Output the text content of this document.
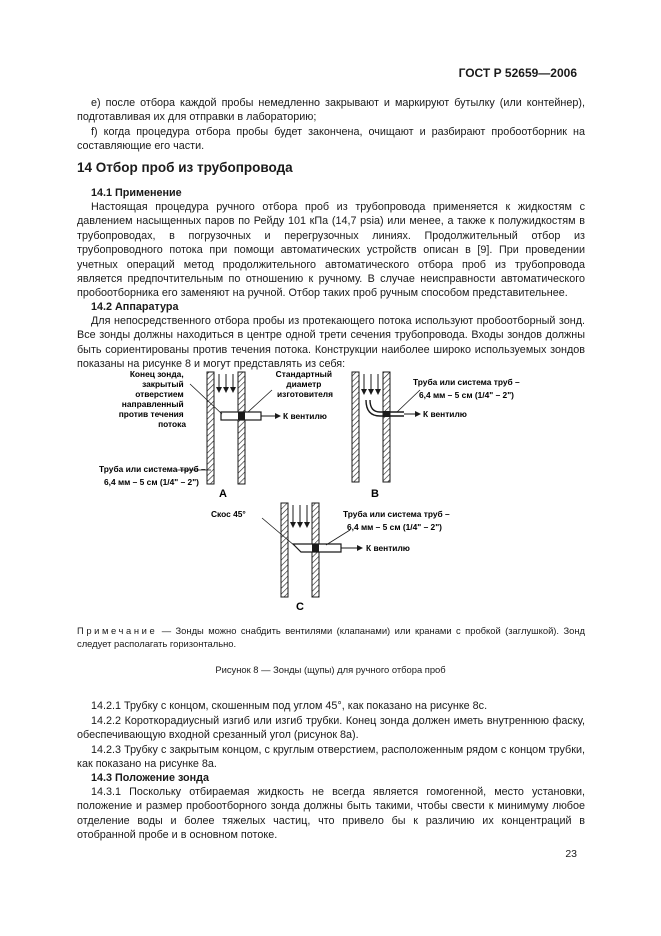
ГОСТ Р 52659—2006
е) после отбора каждой пробы немедленно закрывают и маркируют бутылку (или контейнер), подготавливая их для отправки в лабораторию;
f) когда процедура отбора пробы будет закончена, очищают и разбирают пробоотборник на составляющие его части.
14 Отбор проб из трубопровода
14.1 Применение
Настоящая процедура ручного отбора проб из трубопровода применяется к жидкостям с давлением насыщенных паров по Рейду 101 кПа (14,7 psia) или менее, а также к полужидкостям в трубопроводах, в погрузочных и перегрузочных линиях. Продолжительный отбор из трубопроводного потока при помощи автоматических устройств описан в [9]. При проведении учетных операций метод продолжительного автоматического отбора проб из трубопровода является предпочтительным по отношению к ручному. В случае неисправности автоматического пробоотборника его заменяют на ручной. Отбор таких проб ручным способом представительнее.
14.2 Аппаратура
Для непосредственного отбора пробы из протекающего потока используют пробоотборный зонд. Все зонды должны находиться в центре одной трети сечения трубопровода. Входы зондов должны быть сориентированы против течения потока. Конструкции наиболее широко используемых зондов показаны на рисунке 8 и могут представлять из себя:
Конец зонда, закрытый отверстием направленный против течения потока
Стандартный диаметр изготовителя
К вентилю
Труба или система труб –
6,4 мм – 5 см (1/4" – 2")
A
Труба или система труб –
6,4 мм – 5 см (1/4" – 2")
К вентилю
B
Скос 45°	Труба или система труб –
6,4 мм – 5 см (1/4" – 2")
К вентилю
C
Примечание — Зонды можно снабдить вентилями (клапанами) или кранами с пробкой (заглушкой). Зонд следует располагать горизонтально.
Рисунок 8 — Зонды (щупы) для ручного отбора проб
14.2.1 Трубку с концом, скошенным под углом 45°, как показано на рисунке 8c.
14.2.2 Короткорадиусный изгиб или изгиб трубки. Конец зонда должен иметь внутреннюю фаску, обеспечивающую входной срезанный угол (рисунок 8a).
14.2.3 Трубку с закрытым концом, с круглым отверстием, расположенным рядом с концом трубки, как показано на рисунке 8a.
14.3 Положение зонда
14.3.1 Поскольку отбираемая жидкость не всегда является гомогенной, место установки, положение и размер пробоотборного зонда должны быть такими, чтобы свести к минимуму любое отделение воды и более тяжелых частиц, что привело бы к различию их концентраций в отобранной пробе и в основном потоке.
23
